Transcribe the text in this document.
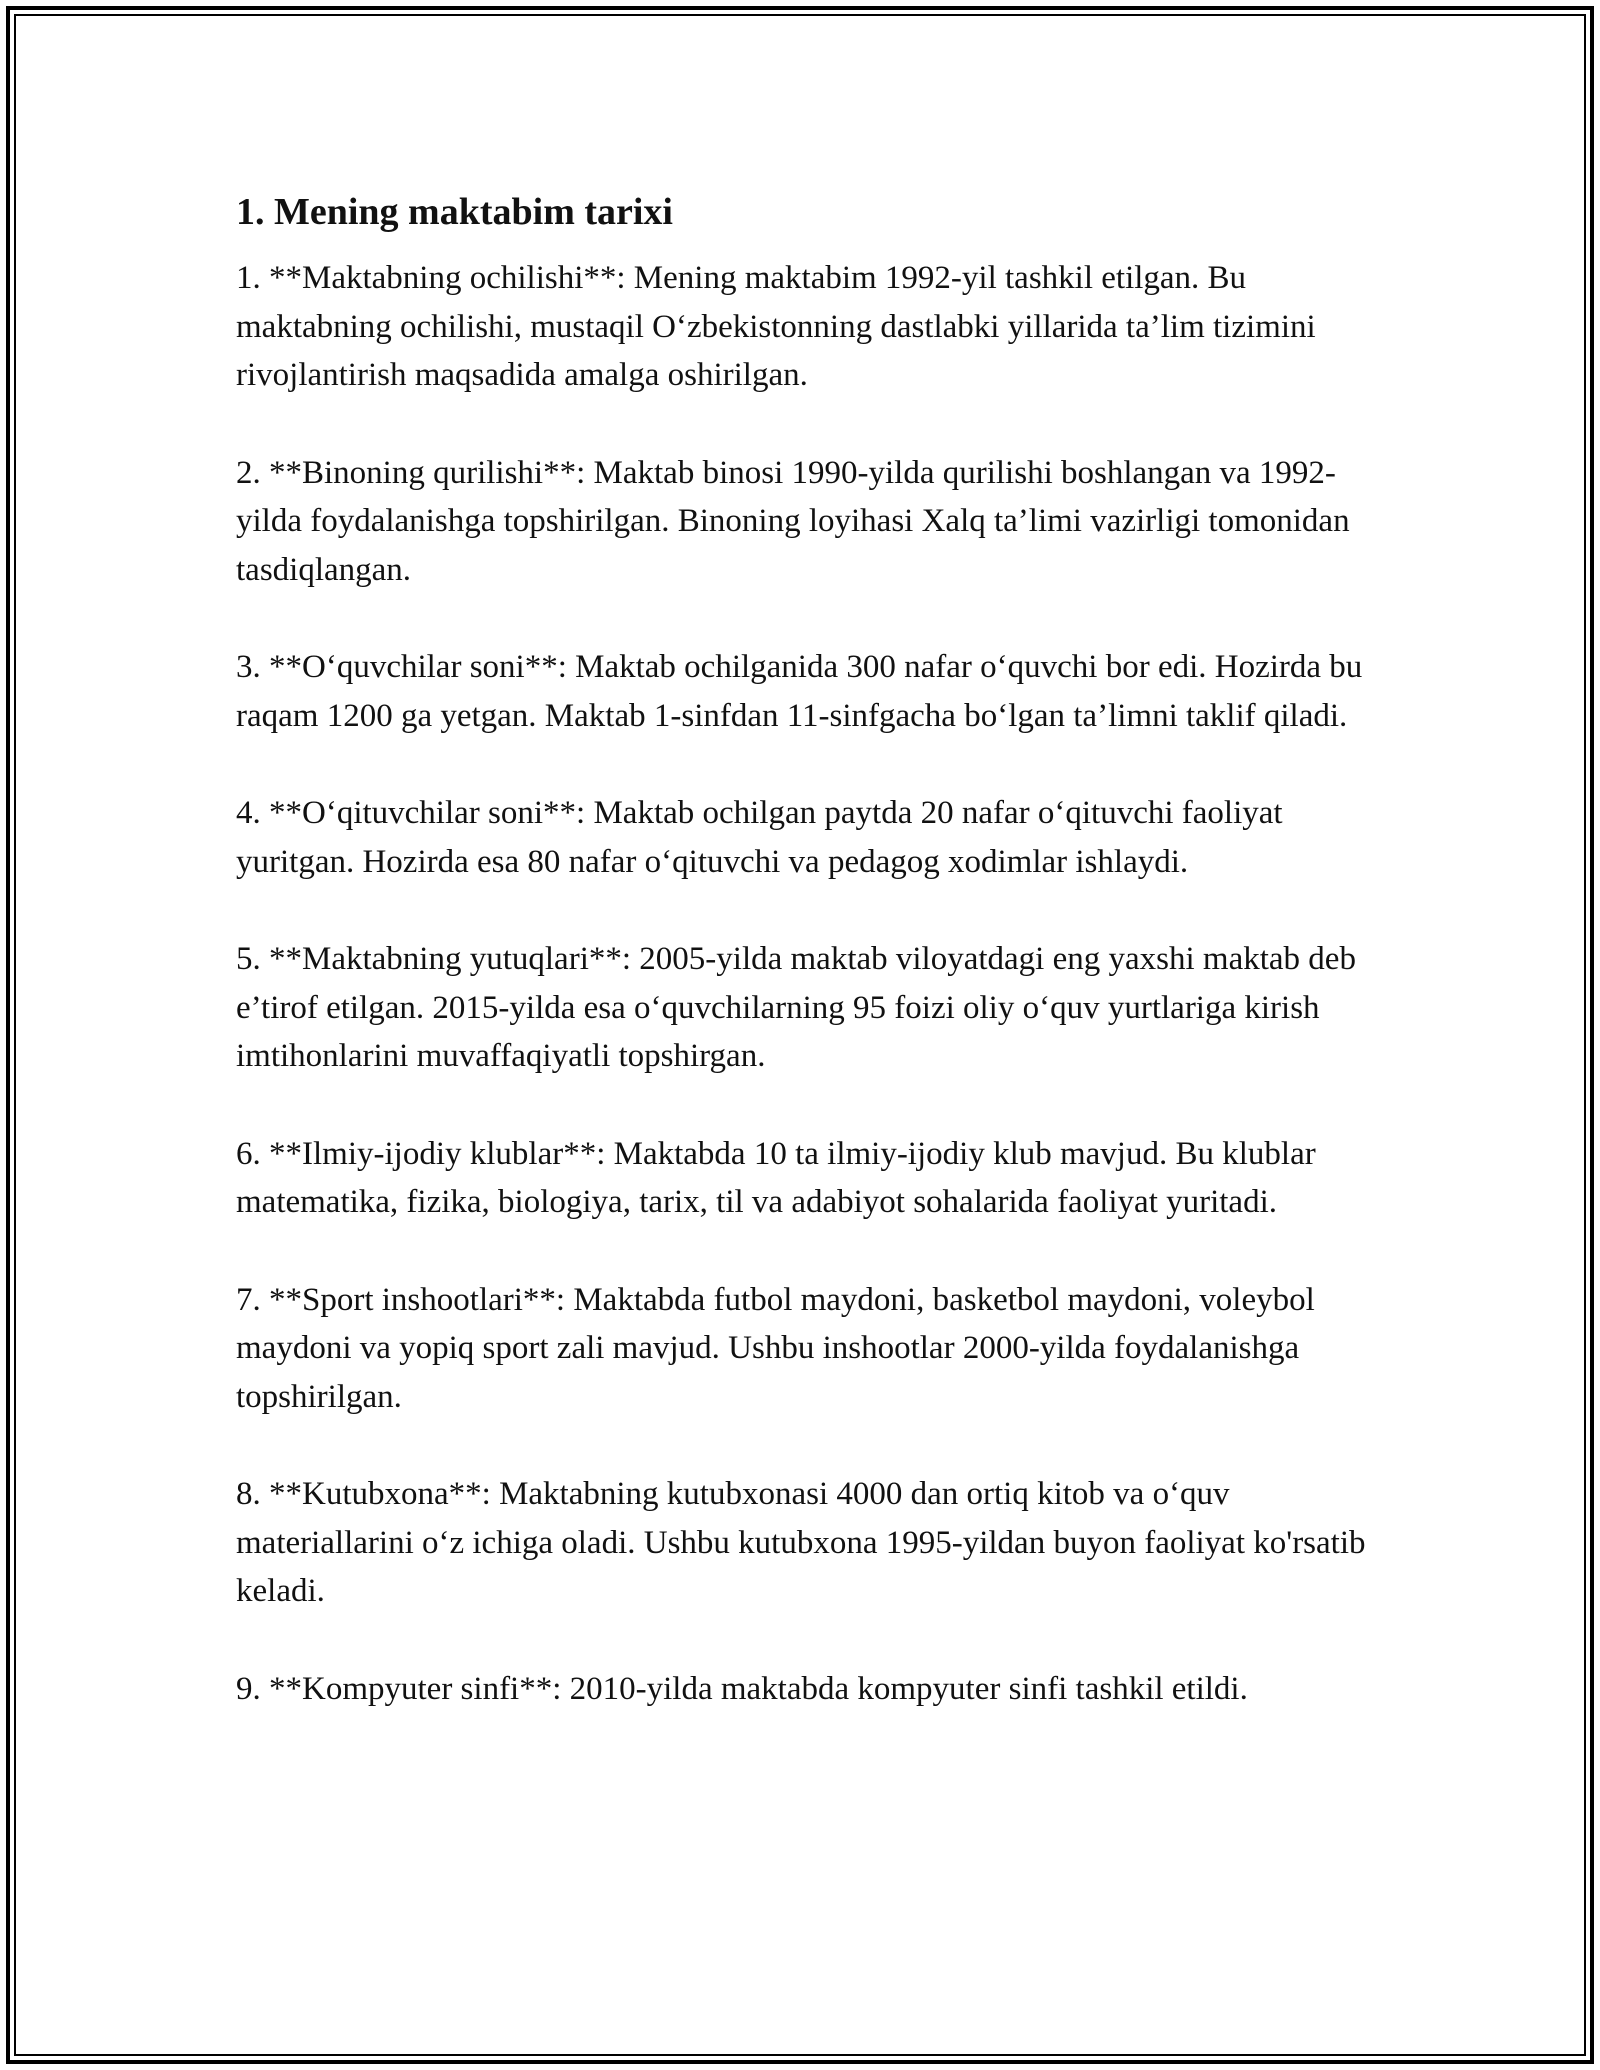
1. Mening maktabim tarixi

1. **Maktabning ochilishi**: Mening maktabim 1992-yil tashkil etilgan. Bu maktabning ochilishi, mustaqil O‘zbekistonning dastlabki yillarida ta’lim tizimini rivojlantirish maqsadida amalga oshirilgan.

2. **Binoning qurilishi**: Maktab binosi 1990-yilda qurilishi boshlangan va 1992-yilda foydalanishga topshirilgan. Binoning loyihasi Xalq ta’limi vazirligi tomonidan tasdiqlangan.

3. **O‘quvchilar soni**: Maktab ochilganida 300 nafar o‘quvchi bor edi. Hozirda bu raqam 1200 ga yetgan. Maktab 1-sinfdan 11-sinfgacha bo‘lgan ta’limni taklif qiladi.

4. **O‘qituvchilar soni**: Maktab ochilgan paytda 20 nafar o‘qituvchi faoliyat yuritgan. Hozirda esa 80 nafar o‘qituvchi va pedagog xodimlar ishlaydi.

5. **Maktabning yutuqlari**: 2005-yilda maktab viloyatdagi eng yaxshi maktab deb e’tirof etilgan. 2015-yilda esa o‘quvchilarning 95 foizi oliy o‘quv yurtlariga kirish imtihonlarini muvaffaqiyatli topshirgan.

6. **Ilmiy-ijodiy klublar**: Maktabda 10 ta ilmiy-ijodiy klub mavjud. Bu klublar matematika, fizika, biologiya, tarix, til va adabiyot sohalarida faoliyat yuritadi.

7. **Sport inshootlari**: Maktabda futbol maydoni, basketbol maydoni, voleybol maydoni va yopiq sport zali mavjud. Ushbu inshootlar 2000-yilda foydalanishga topshirilgan.

8. **Kutubxona**: Maktabning kutubxonasi 4000 dan ortiq kitob va o‘quv materiallarini o‘z ichiga oladi. Ushbu kutubxona 1995-yildan buyon faoliyat ko'rsatib keladi.

9. **Kompyuter sinfi**: 2010-yilda maktabda kompyuter sinfi tashkil etildi.
